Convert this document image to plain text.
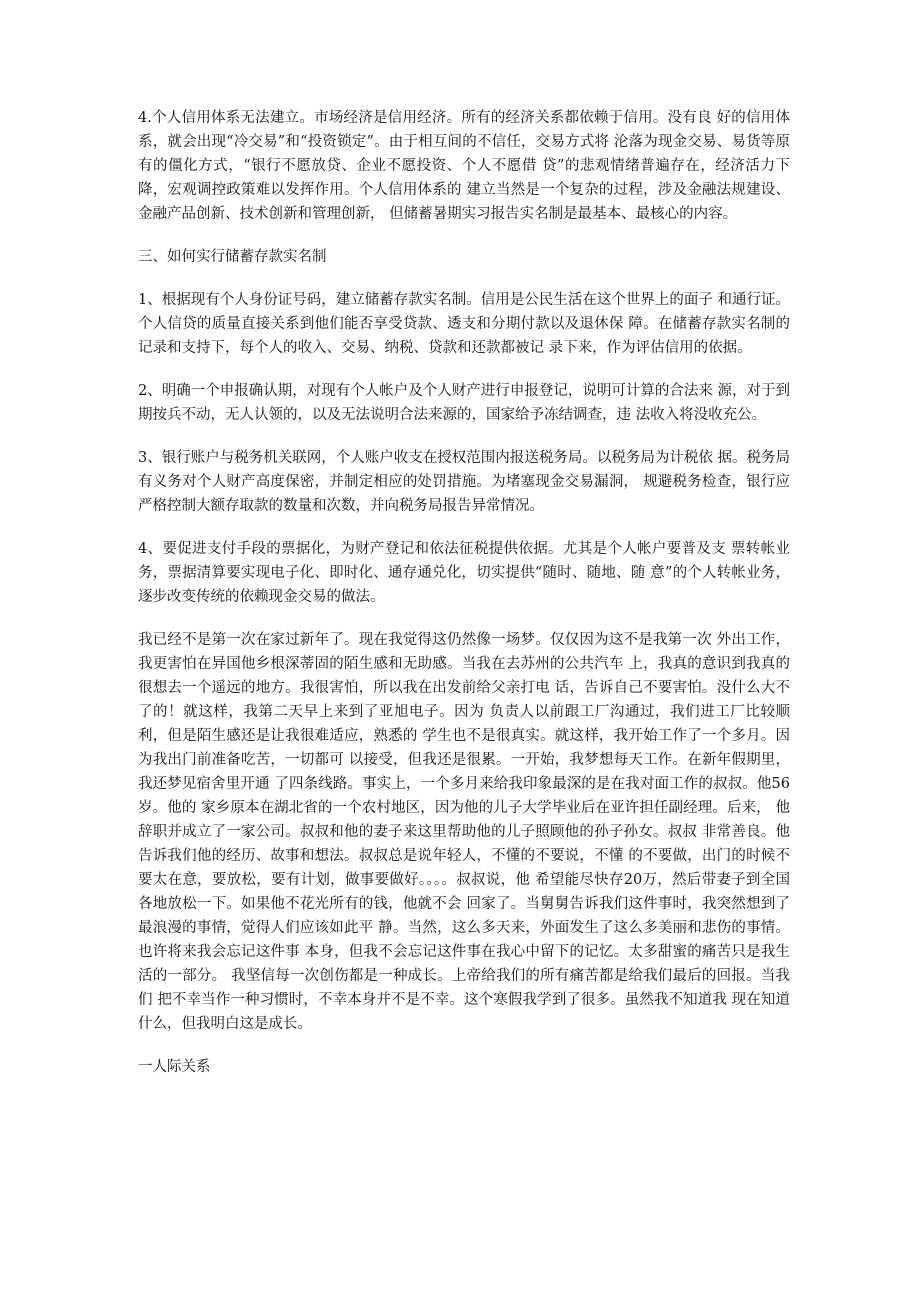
4.个人信用体系无法建立。市场经济是信用经济。所有的经济关系都依赖于信用。没有良 好的信用体系，就会出现“冷交易”和“投资锁定”。由于相互间的不信任，交易方式将 沦落为现金交易、易货等原有的僵化方式，“银行不愿放贷、企业不愿投资、个人不愿借 贷”的悲观情绪普遍存在，经济活力下降，宏观调控政策难以发挥作用。个人信用体系的 建立当然是一个复杂的过程，涉及金融法规建设、金融产品创新、技术创新和管理创新， 但储蓄暑期实习报告实名制是最基本、最核心的内容。

三、如何实行储蓄存款实名制

1、根据现有个人身份证号码，建立储蓄存款实名制。信用是公民生活在这个世界上的面子 和通行证。个人信贷的质量直接关系到他们能否享受贷款、透支和分期付款以及退休保 障。在储蓄存款实名制的记录和支持下，每个人的收入、交易、纳税、贷款和还款都被记 录下来，作为评估信用的依据。

2、明确一个申报确认期，对现有个人帐户及个人财产进行申报登记，说明可计算的合法来 源，对于到期按兵不动，无人认领的，以及无法说明合法来源的，国家给予冻结调查，违 法收入将没收充公。

3、银行账户与税务机关联网，个人账户收支在授权范围内报送税务局。以税务局为计税依 据。税务局有义务对个人财产高度保密，并制定相应的处罚措施。为堵塞现金交易漏洞， 规避税务检查，银行应严格控制大额存取款的数量和次数，并向税务局报告异常情况。

4、要促进支付手段的票据化，为财产登记和依法征税提供依据。尤其是个人帐户要普及支 票转帐业务，票据清算要实现电子化、即时化、通存通兑化，切实提供“随时、随地、随 意”的个人转帐业务，逐步改变传统的依赖现金交易的做法。

我已经不是第一次在家过新年了。现在我觉得这仍然像一场梦。仅仅因为这不是我第一次 外出工作，我更害怕在异国他乡根深蒂固的陌生感和无助感。当我在去苏州的公共汽车 上，我真的意识到我真的很想去一个遥远的地方。我很害怕，所以我在出发前给父亲打电 话，告诉自己不要害怕。没什么大不了的！就这样，我第二天早上来到了亚旭电子。因为 负责人以前跟工厂沟通过，我们进工厂比较顺利，但是陌生感还是让我很难适应，熟悉的 学生也不是很真实。就这样，我开始工作了一个多月。因为我出门前准备吃苦，一切都可 以接受，但我还是很累。一开始，我梦想每天工作。在新年假期里，我还梦见宿舍里开通 了四条线路。事实上，一个多月来给我印象最深的是在我对面工作的叔叔。他56岁。他的 家乡原本在湖北省的一个农村地区，因为他的儿子大学毕业后在亚许担任副经理。后来， 他辞职并成立了一家公司。叔叔和他的妻子来这里帮助他的儿子照顾他的孙子孙女。叔叔 非常善良。他告诉我们他的经历、故事和想法。叔叔总是说年轻人，不懂的不要说，不懂 的不要做，出门的时候不要太在意，要放松，要有计划，做事要做好。。。。叔叔说，他 希望能尽快存20万，然后带妻子到全国各地放松一下。如果他不花光所有的钱，他就不会 回家了。当舅舅告诉我们这件事时，我突然想到了最浪漫的事情，觉得人们应该如此平 静。当然，这么多天来，外面发生了这么多美丽和悲伤的事情。也许将来我会忘记这件事 本身，但我不会忘记这件事在我心中留下的记忆。太多甜蜜的痛苦只是我生活的一部分。 我坚信每一次创伤都是一种成长。上帝给我们的所有痛苦都是给我们最后的回报。当我们 把不幸当作一种习惯时，不幸本身并不是不幸。这个寒假我学到了很多。虽然我不知道我 现在知道什么，但我明白这是成长。

一人际关系
